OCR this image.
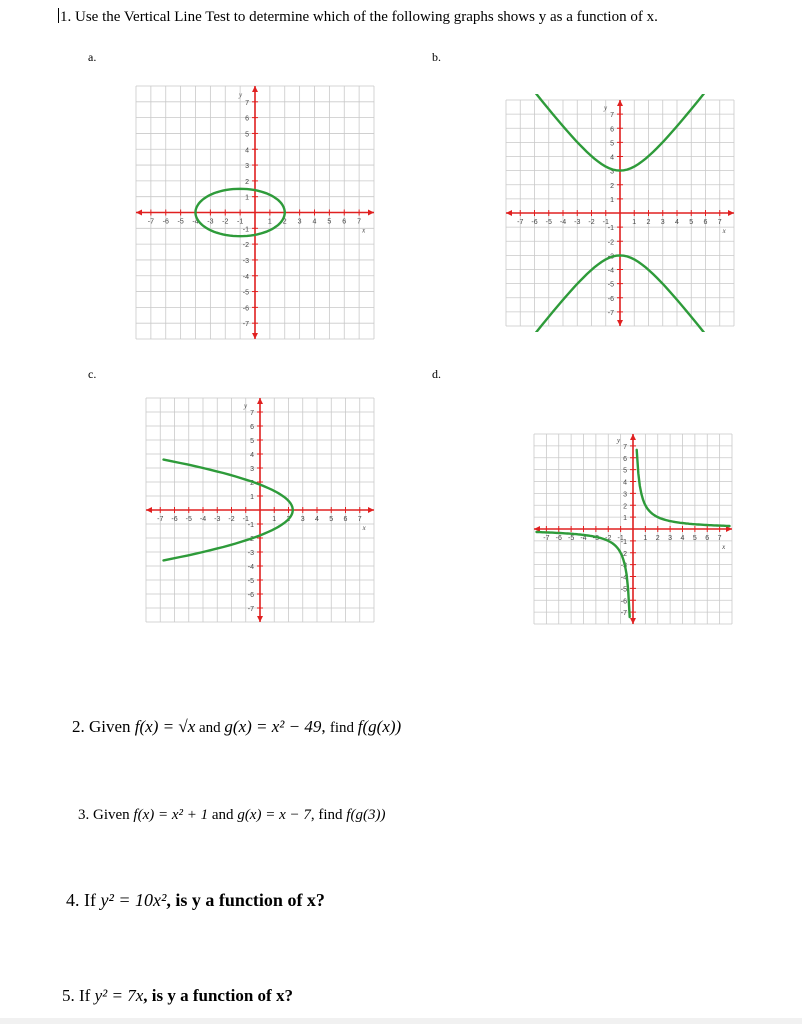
1. Use the Vertical Line Test to determine which of the following graphs shows y as a function of x.
a.	b.
c.	d.
-7 -6 -5 -4 -3 -2 -1	1 2 3 4 5 6 7
7
6
5
4
3
2
1
-1
-2
-3
-4
-5
-6
-7
x
y
-7 -6 -5 -4 -3 -2 -1	1 2 3 4 5 6 7
7
6
5
4
3
2
1
-1
-2
-3
-4
-5
-6
-7
x
y
-7 -6 -5 -4 -3 -2 -1	1 2 3 4 5 6 7
7
6
5
4
3
2
1
-1
-2
-3
-4
-5
-6
-7
x
y
-7 -6 -5 -4 -3 -2 -1	1 2 3 4 5 6 7
7
6
5
4
3
2
1
-1
-2
-3
-4
-5
-6
-7
x
y
2. Given f(x) = √x and g(x) = x² − 49, find f(g(x))
3. Given f(x) = x² + 1 and g(x) = x − 7, find f(g(3))
4. If y² = 10x², is y a function of x?
5. If y² = 7x, is y a function of x?
